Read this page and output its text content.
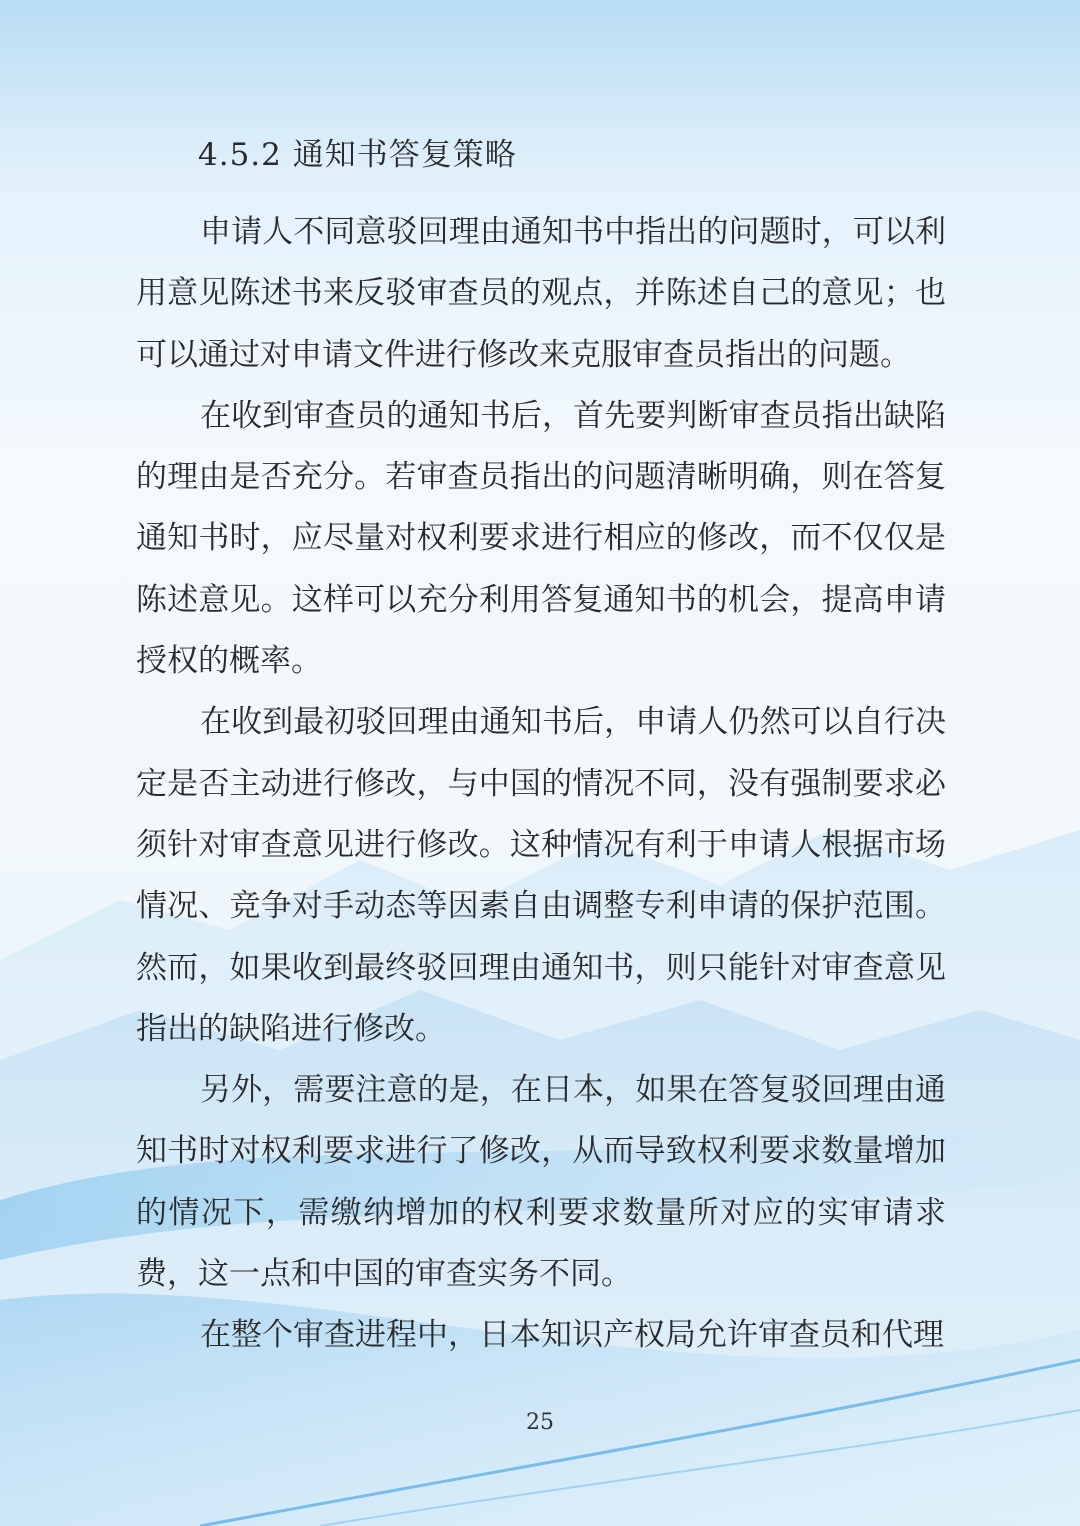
4.5.2 通知书答复策略

申请人不同意驳回理由通知书中指出的问题时，可以利用意见陈述书来反驳审查员的观点，并陈述自己的意见；也可以通过对申请文件进行修改来克服审查员指出的问题。

在收到审查员的通知书后，首先要判断审查员指出缺陷的理由是否充分。若审查员指出的问题清晰明确，则在答复通知书时，应尽量对权利要求进行相应的修改，而不仅仅是陈述意见。这样可以充分利用答复通知书的机会，提高申请授权的概率。

在收到最初驳回理由通知书后，申请人仍然可以自行决定是否主动进行修改，与中国的情况不同，没有强制要求必须针对审查意见进行修改。这种情况有利于申请人根据市场情况、竞争对手动态等因素自由调整专利申请的保护范围。然而，如果收到最终驳回理由通知书，则只能针对审查意见指出的缺陷进行修改。

另外，需要注意的是，在日本，如果在答复驳回理由通知书时对权利要求进行了修改，从而导致权利要求数量增加的情况下，需缴纳增加的权利要求数量所对应的实审请求费，这一点和中国的审查实务不同。

在整个审查进程中，日本知识产权局允许审查员和代理

25
